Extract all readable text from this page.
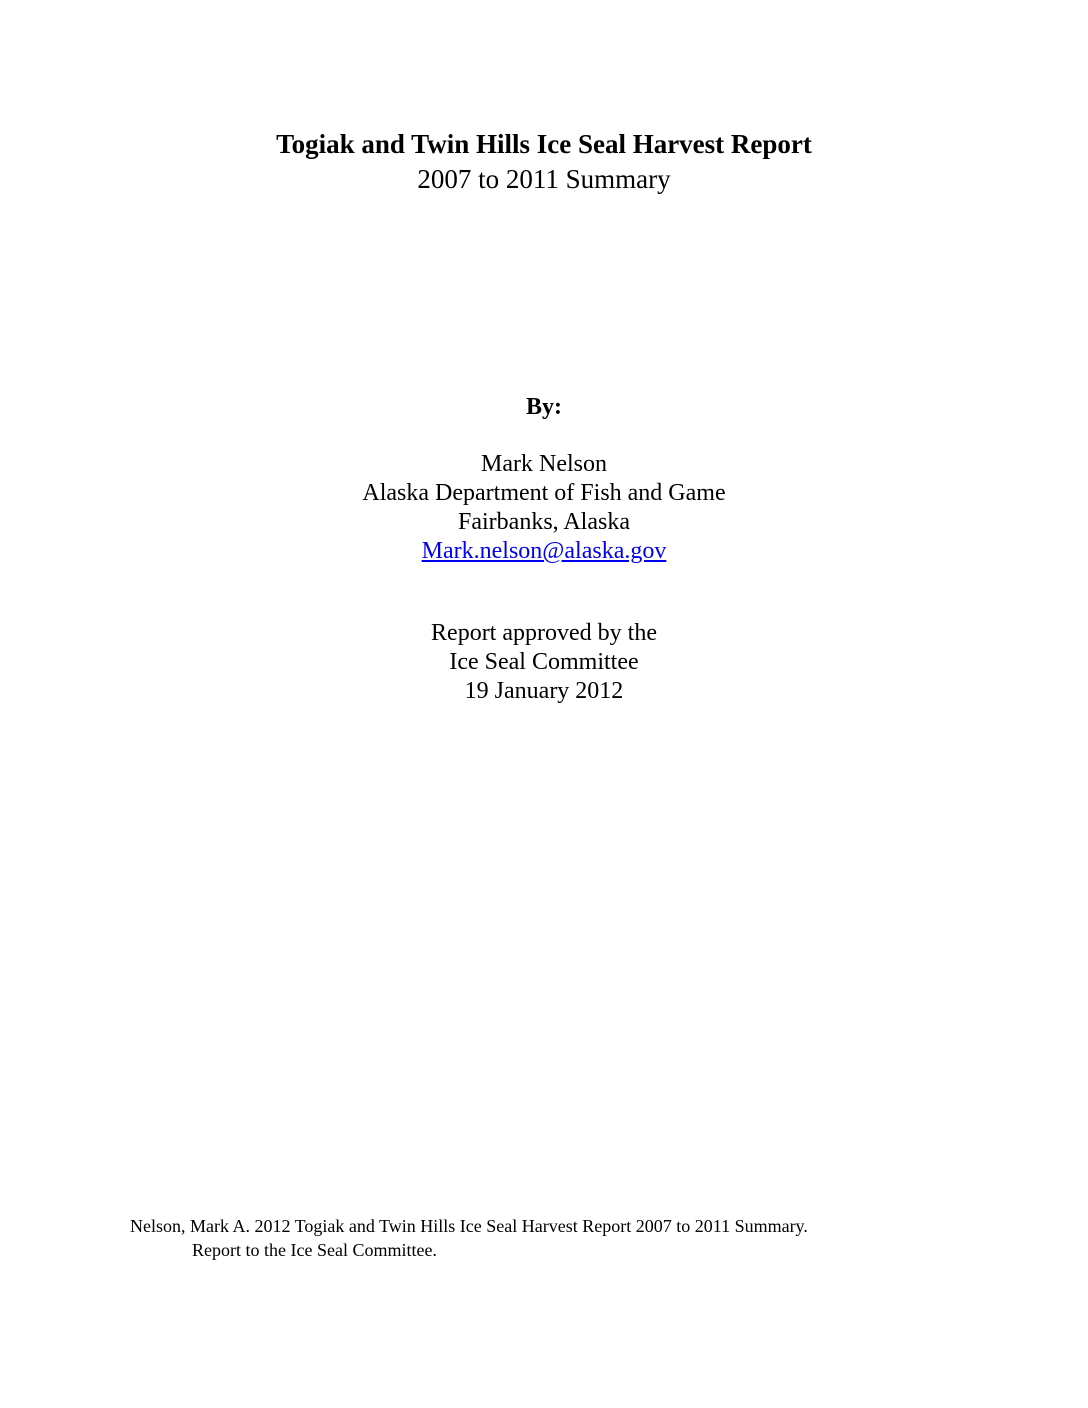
Togiak and Twin Hills Ice Seal Harvest Report

2007 to 2011 Summary

By:

Mark Nelson

Alaska Department of Fish and Game

Fairbanks, Alaska

Mark.nelson@alaska.gov

Report approved by the

Ice Seal Committee

19 January 2012

Nelson, Mark A. 2012 Togiak and Twin Hills Ice Seal Harvest Report 2007 to 2011 Summary.

Report to the Ice Seal Committee.
